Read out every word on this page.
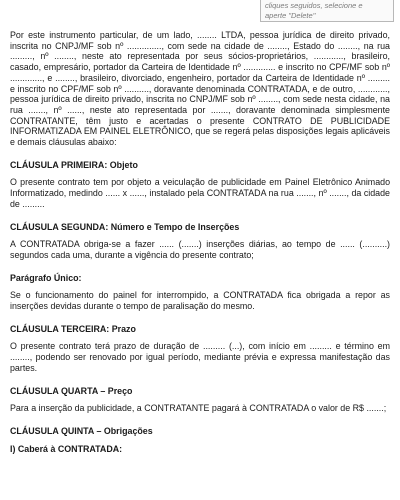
cliques seguidos, selecione e
aperte "Delete"

Por este instrumento particular, de um lado, ........ LTDA, pessoa jurídica de direito privado, inscrita no CNPJ/MF sob nº .............., com sede na cidade de ........, Estado do ........, na rua ........., nº ........, neste ato representada por seus sócios-proprietários, ............, brasileiro, casado, empresário, portador da Carteira de Identidade nº ............. e inscrito no CPF/MF sob nº ............., e ........, brasileiro, divorciado, engenheiro, portador da Carteira de Identidade nº ......... e inscrito no CPF/MF sob nº .........., doravante denominada CONTRATADA, e de outro, ............, pessoa jurídica de direito privado, inscrita no CNPJ/MF sob nº ........, com sede nesta cidade, na rua ......., nº ......, neste ato representada por ......., doravante denominada simplesmente CONTRATANTE, têm justo e acertadas o presente CONTRATO DE PUBLICIDADE INFORMATIZADA EM PAINEL ELETRÔNICO, que se regerá pelas disposições legais aplicáveis e demais cláusulas abaixo:

CLÁUSULA PRIMEIRA: Objeto

O presente contrato tem por objeto a veiculação de publicidade em Painel Eletrônico Animado Informatizado, medindo ...... x ......, instalado pela CONTRATADA na rua ......., nº ......., da cidade de .........

CLÁUSULA SEGUNDA: Número e Tempo de Inserções

A CONTRATADA obriga-se a fazer ...... (.......) inserções diárias, ao tempo de ...... (..........) segundos cada uma, durante a vigência do presente contrato;

Parágrafo Único:

Se o funcionamento do painel for interrompido, a CONTRATADA fica obrigada a repor as inserções devidas durante o tempo de paralisação do mesmo.

CLÁUSULA TERCEIRA: Prazo

O presente contrato terá prazo de duração de ......... (...), com início em ......... e término em ........, podendo ser renovado por igual período, mediante prévia e expressa manifestação das partes.

CLÁUSULA QUARTA – Preço

Para a inserção da publicidade, a CONTRATANTE pagará à CONTRATADA o valor de R$ .......;

CLÁUSULA QUINTA – Obrigações

I) Caberá à CONTRATADA:
